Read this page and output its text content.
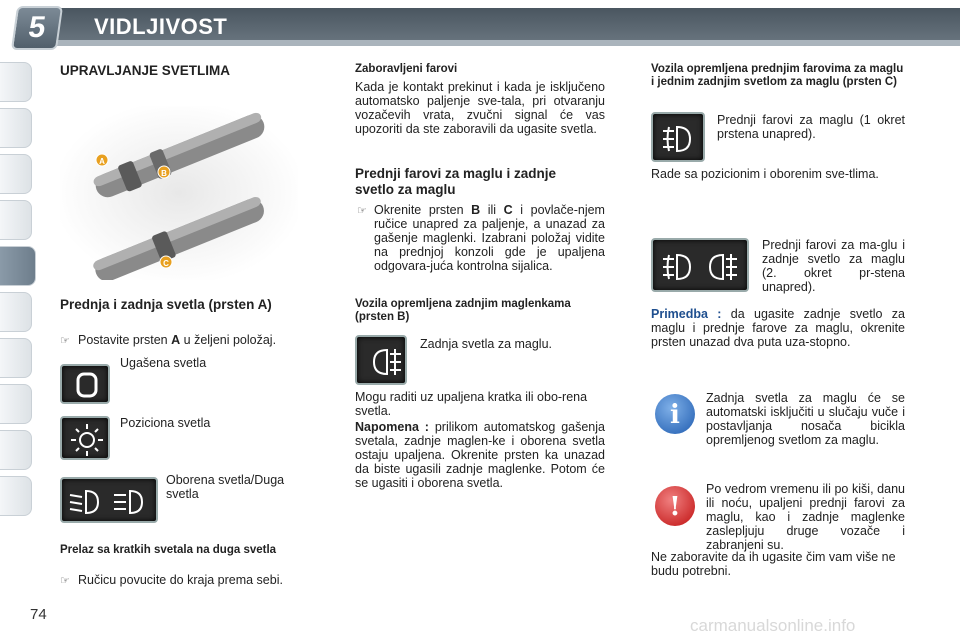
5	VIDLJIVOST
UPRAVLJANJE SVETLIMA
A
B
C
Prednja i zadnja svetla (prsten A)
☞ Postavite prsten A u željeni položaj.
Ugašena svetla
Poziciona svetla
Oborena svetla/Duga svetla
Prelaz sa kratkih svetala na duga svetla
☞ Ručicu povucite do kraja prema sebi.
Zaboravljeni farovi
Kada je kontakt prekinut i kada je isključeno automatsko paljenje sve-tala, pri otvaranju vozačevih vrata, zvučni signal će vas upozoriti da ste zaboravili da ugasite svetla.
Prednji farovi za maglu i zadnje svetlo za maglu
☞ Okrenite prsten B ili C i povlače-njem ručice unapred za paljenje, a unazad za gašenje maglenki. Izabrani položaj vidite na prednjoj konzoli gde je upaljena odgovara-juća kontrolna sijalica.
Vozila opremljena zadnjim maglenkama (prsten B)
Zadnja svetla za maglu.
Mogu raditi uz upaljena kratka ili obo-rena svetla.
Napomena : prilikom automatskog gašenja svetala, zadnje maglen-ke i oborena svetla ostaju upaljena. Okrenite prsten ka unazad da biste ugasili zadnje maglenke. Potom će se ugasiti i oborena svetla.
Vozila opremljena prednjim farovima za maglu i jednim zadnjim svetlom za maglu (prsten C)
Prednji farovi za maglu (1 okret prstena unapred).
Rade sa pozicionim i oborenim sve-tlima.
Prednji farovi za ma-glu i zadnje svetlo za maglu (2. okret pr-stena unapred).
Primedba : da ugasite zadnje svetlo za maglu i prednje farove za maglu, okrenite prsten unazad dva puta uza-stopno.
i
Zadnja svetla za maglu će se automatski isključiti u slučaju vuče i postavljanja nosača bicikla opremljenog svetlom za maglu.
!
Po vedrom vremenu ili po kiši, danu ili noću, upaljeni prednji farovi za maglu, kao i zadnje maglenke zaslepljuju druge vozače i zabranjeni su.
Ne zaboravite da ih ugasite čim vam više ne budu potrebni.
74
carmanualsonline.info
